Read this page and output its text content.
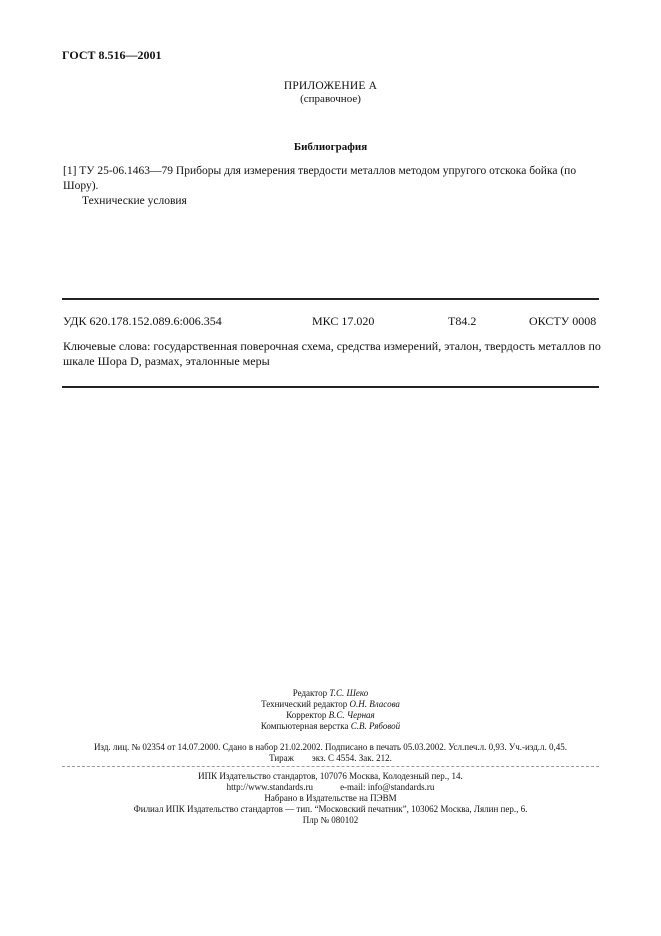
ГОСТ 8.516—2001
ПРИЛОЖЕНИЕ А
(справочное)
Библиография
[1] ТУ 25-06.1463—79 Приборы для измерения твердости металлов методом упругого отскока бойка (по Шору).
Технические условия
УДК 620.178.152.089.6:006.354	МКС 17.020	Т84.2	ОКСТУ 0008
Ключевые слова: государственная поверочная схема, средства измерений, эталон, твердость металлов по шкале Шора D, размах, эталонные меры
Редактор Т.С. Шеко
Технический редактор О.Н. Власова
Корректор В.С. Черная
Компьютерная верстка С.В. Рябовой
Изд. лиц. № 02354 от 14.07.2000. Сдано в набор 21.02.2002. Подписано в печать 05.03.2002. Усл.печ.л. 0,93. Уч.-изд.л. 0,45.
Тираж экз. С 4554. Зак. 212.
ИПК Издательство стандартов, 107076 Москва, Колодезный пер., 14.
http://www.standards.ru	e-mail: info@standards.ru
Набрано в Издательстве на ПЭВМ
Филиал ИПК Издательство стандартов — тип. “Московский печатник”, 103062 Москва, Лялин пер., 6.
Плр № 080102
